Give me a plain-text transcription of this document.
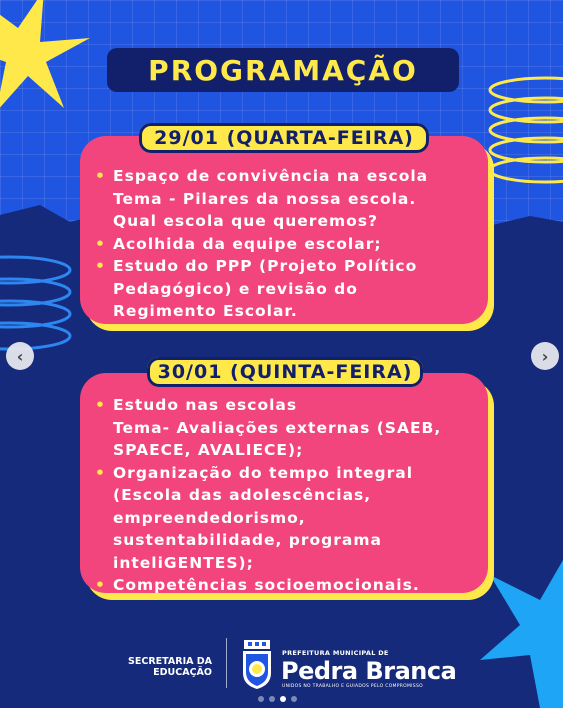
PROGRAMAÇÃO
29/01 (QUARTA-FEIRA)
• Espaço de convivência na escola
Tema - Pilares da nossa escola.
Qual escola que queremos?
• Acolhida da equipe escolar;
• Estudo do PPP (Projeto Político
Pedagógico) e revisão do
Regimento Escolar.
30/01 (QUINTA-FEIRA)
• Estudo nas escolas
Tema- Avaliações externas (SAEB,
SPAECE, AVALIECE);
• Organização do tempo integral
(Escola das adolescências,
empreendedorismo,
sustentabilidade, programa
inteliGENTES);
• Competências socioemocionais.
‹	›
SECRETARIA DA
EDUCAÇÃO
PREFEITURA MUNICIPAL DE
Pedra Branca
UNIDOS NO TRABALHO E GUIADOS PELO COMPROMISSO
